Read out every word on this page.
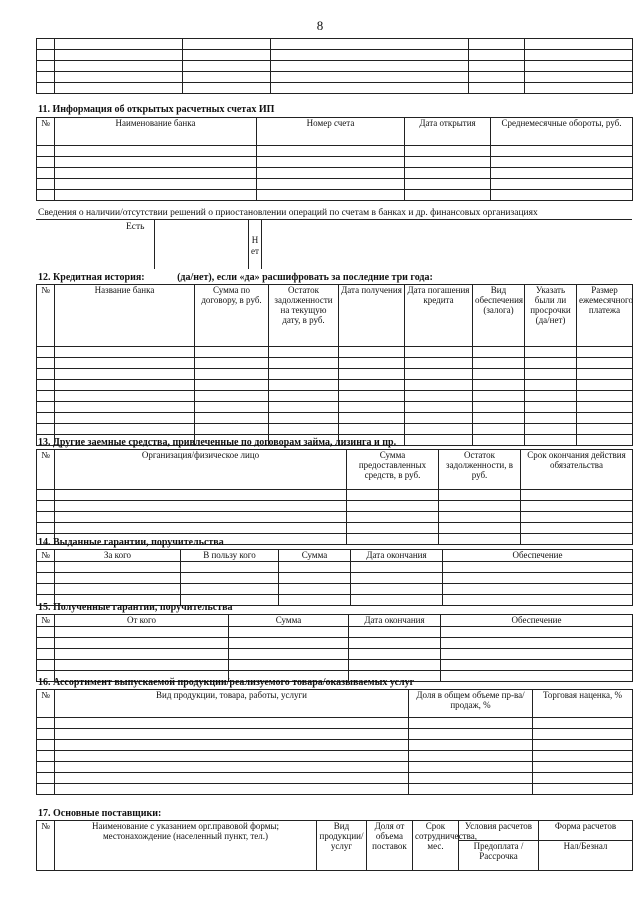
8

11. Информация об открытых расчетных счетах ИП
№	Наименование банка	Номер счета	Дата открытия	Среднемесячные обороты, руб.

Сведения о наличии/отсутствии решений о приостановлении операций по счетам в банках и др. финансовых организациях
Есть
Нет
12. Кредитная история:	(да/нет), если «да» расшифровать за последние три года:
№	Название банка	Сумма по договору, в руб.	Остаток задолженности на текущую дату, в руб.	Дата получения	Дата погашения кредита	Вид обеспечения (залога)	Указать были ли просрочки (да/нет)	Размер ежемесячного платежа

13. Другие заемные средства, привлеченные по договорам займа, лизинга и пр.
№	Организация/физическое лицо	Сумма предоставленных средств, в руб.	Остаток задолженности, в руб.	Срок окончания действия обязательства

14. Выданные гарантии, поручительства
№	За кого	В пользу кого	Сумма	Дата окончания	Обеспечение

15. Полученные гарантии, поручительства
№	От кого	Сумма	Дата окончания	Обеспечение

16. Ассортимент выпускаемой продукции/реализуемого товара/оказываемых услуг
№	Вид продукции, товара, работы, услуги	Доля в общем объеме пр-ва/продаж, %	Торговая наценка, %

17. Основные поставщики:
№	Наименование с указанием орг.правовой формы; местонахождение (населенный пункт, тел.)	Вид продукции/услуг	Доля от объема поставок	Срок сотрудничества, мес.	Условия расчетов	Форма расчетов
					Предоплата / Рассрочка	Нал/Безнал
